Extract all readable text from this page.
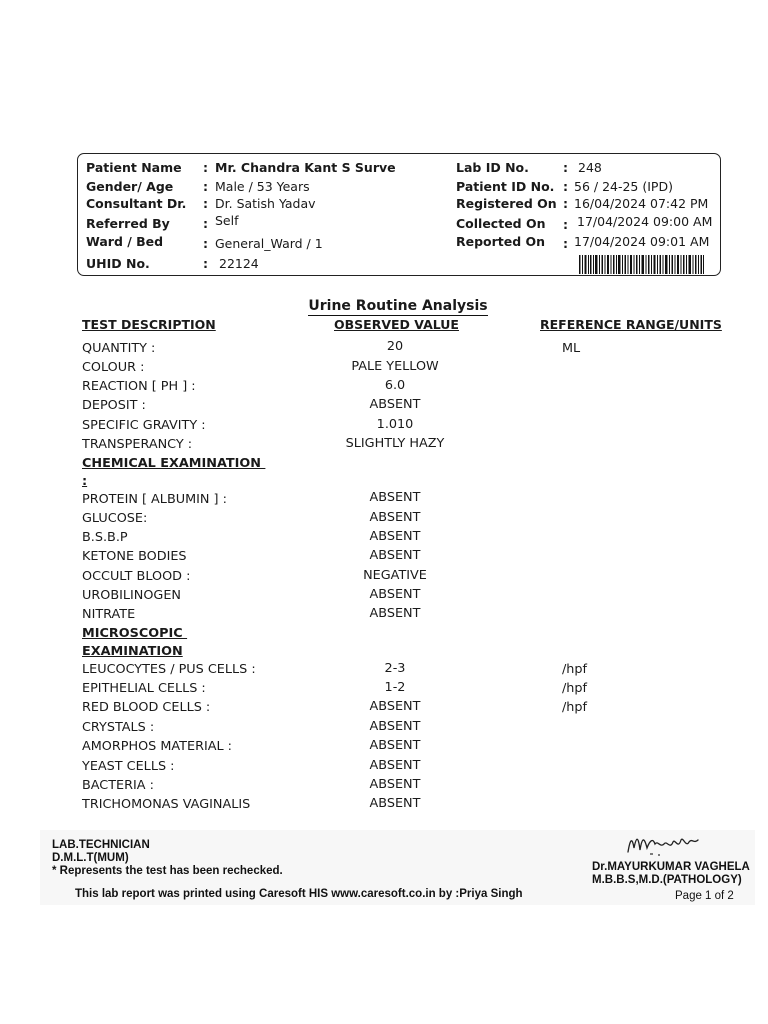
Patient Name : Mr. Chandra Kant S Surve
Gender/ Age : Male / 53 Years
Consultant Dr. : Dr. Satish Yadav
Referred By	: Self
Ward / Bed	: General_Ward / 1
UHID No.	: 22124
Lab ID No.	: 248
Patient ID No. : 56 / 24-25 (IPD)
Registered On : 16/04/2024 07:42 PM
Collected On : 17/04/2024 09:00 AM
Reported On : 17/04/2024 09:01 AM
Urine Routine Analysis
TEST DESCRIPTION	OBSERVED VALUE	REFERENCE RANGE/UNITS
QUANTITY :	20	ML
COLOUR :	PALE YELLOW
REACTION [ PH ] :	6.0
DEPOSIT :	ABSENT
SPECIFIC GRAVITY :	1.010
TRANSPERANCY :	SLIGHTLY HAZY
CHEMICAL EXAMINATION
:
PROTEIN [ ALBUMIN ] :	ABSENT
GLUCOSE:	ABSENT
B.S.B.P	ABSENT
KETONE BODIES	ABSENT
OCCULT BLOOD :	NEGATIVE
UROBILINOGEN	ABSENT
NITRATE	ABSENT
MICROSCOPIC
EXAMINATION
LEUCOCYTES / PUS CELLS :	2-3	/hpf
EPITHELIAL CELLS :	1-2	/hpf
RED BLOOD CELLS :	ABSENT	/hpf
CRYSTALS :	ABSENT
AMORPHOS MATERIAL :	ABSENT
YEAST CELLS :	ABSENT
BACTERIA :	ABSENT
TRICHOMONAS VAGINALIS	ABSENT
LAB.TECHNICIAN
D.M.L.T(MUM)
* Represents the test has been rechecked.	Dr.MAYURKUMAR VAGHELA
M.B.B.S,M.D.(PATHOLOGY)
This lab report was printed using Caresoft HIS www.caresoft.co.in by :Priya Singh	Page 1 of 2
